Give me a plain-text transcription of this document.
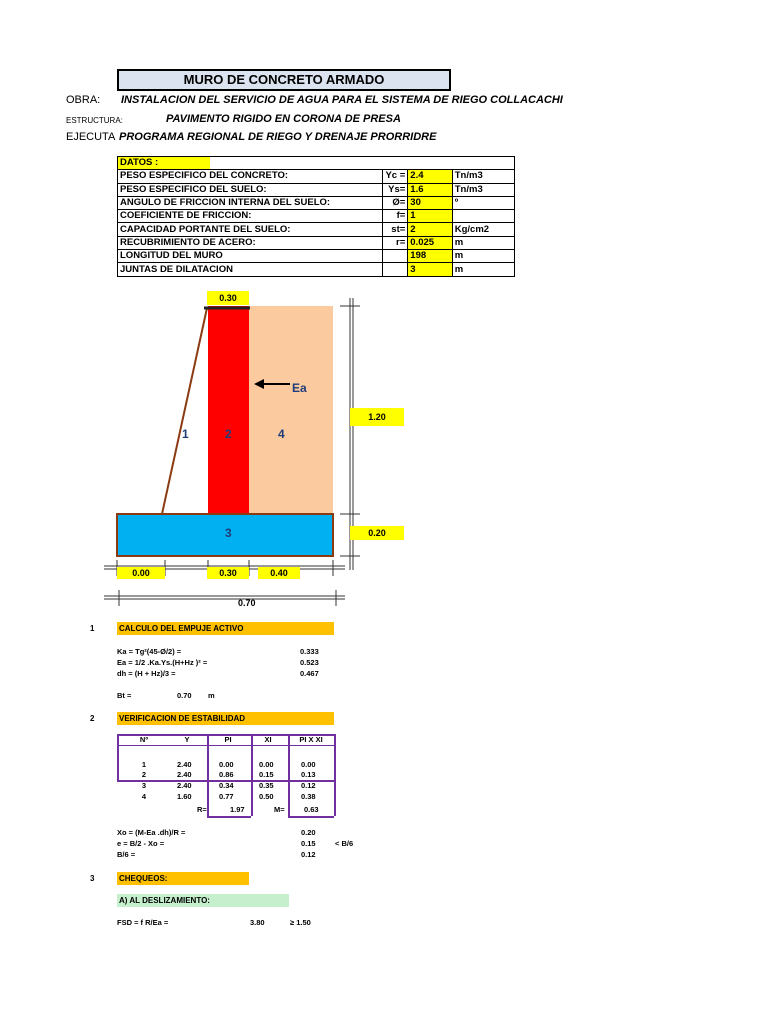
MURO DE CONCRETO ARMADO
OBRA: INSTALACION DEL SERVICIO DE AGUA PARA EL SISTEMA DE RIEGO COLLACACHI
ESTRUCTURA:	PAVIMENTO RIGIDO EN CORONA DE PRESA
EJECUTA PROGRAMA REGIONAL DE RIEGO Y DRENAJE PRORRIDRE
DATOS :			
PESO ESPECIFICO DEL CONCRETO:	Yc =	2.4	Tn/m3
PESO ESPECIFICO DEL SUELO:	Ys=	1.6	Tn/m3
ANGULO DE FRICCION INTERNA DEL SUELO:	Ø=	30	º
COEFICIENTE DE FRICCION:	f=	1	
CAPACIDAD PORTANTE DEL SUELO:	st=	2	Kg/cm2
RECUBRIMIENTO DE ACERO:	r=	0.025	m
LONGITUD DEL MURO		198	m
JUNTAS DE DILATACION		3	m
0.30
1.20
0.20
Ea
1	2
3
4
0.00	0.30	0.40
0.70
1	CALCULO DEL EMPUJE ACTIVO
Ka = Tg²(45-Ø/2) =	0.333
Ea = 1/2 .Ka.Ys.(H+Hz )² =	0.523
dh = (H + Hz)/3 =	0.467
Bt =	0.70 m
2	VERIFICACION DE ESTABILIDAD
Nº	Y	PI	XI	PI X XI
1	2.40	0.00	0.00	0.00
2	2.40	0.86	0.15	0.13
3	2.40	0.34	0.35	0.12
4	1.60	0.77	0.50	0.38
R=	1.97	M=	0.63
Xo = (M-Ea .dh)/R =	0.20
e = B/2 - Xo =	0.15	< B/6
B/6 =	0.12
3	CHEQUEOS:
A) AL DESLIZAMIENTO:
FSD = f R/Ea =	3.80	≥ 1.50
